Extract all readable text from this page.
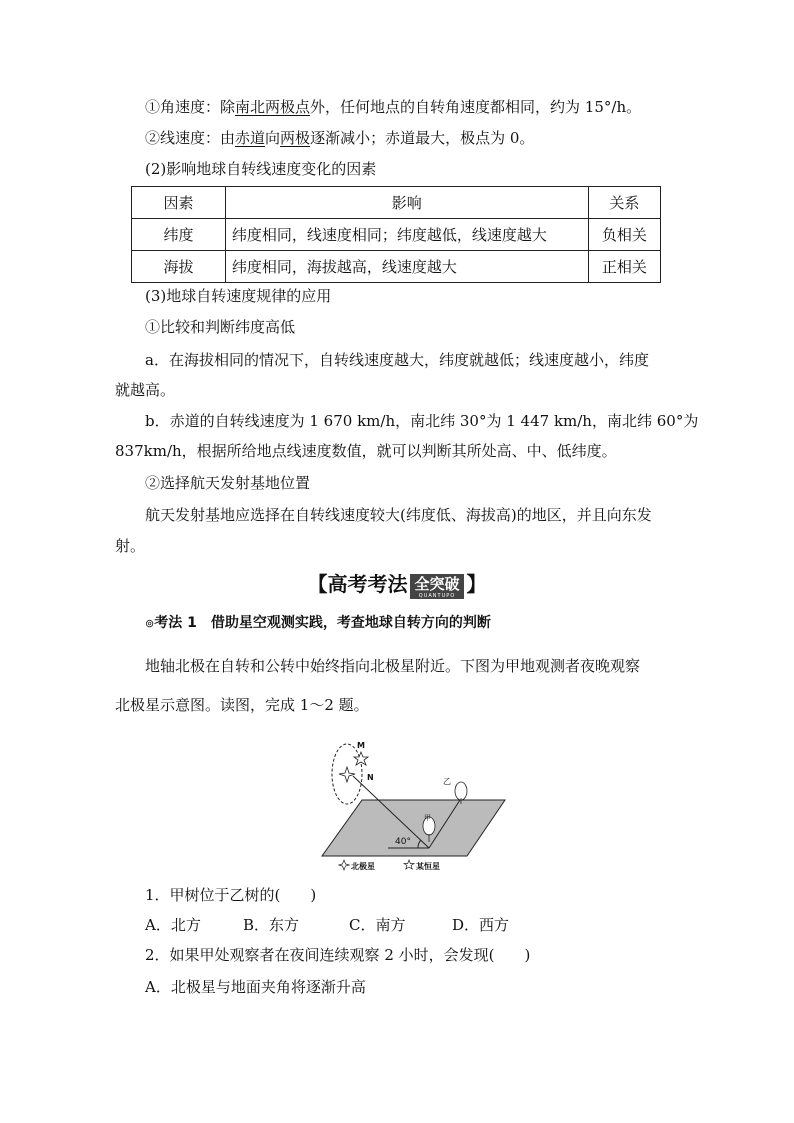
①角速度：除南北两极点外，任何地点的自转角速度都相同，约为 15°/h。
②线速度：由赤道向两极逐渐减小；赤道最大，极点为 0。
(2)影响地球自转线速度变化的因素
因素	影响	关系
纬度	纬度相同，线速度相同；纬度越低，线速度越大	负相关
海拔	纬度相同，海拔越高，线速度越大	正相关
(3)地球自转速度规律的应用
①比较和判断纬度高低
a．在海拔相同的情况下，自转线速度越大，纬度就越低；线速度越小，纬度
就越高。
b．赤道的自转线速度为 1 670 km/h，南北纬 30°为 1 447 km/h，南北纬 60°为
837km/h，根据所给地点线速度数值，就可以判断其所处高、中、低纬度。
②选择航天发射基地位置
航天发射基地应选择在自转线速度较大(纬度低、海拔高)的地区，并且向东发
射。
【高考考法 全突破
QUANTUPO 】
⊚考法 1　借助星空观测实践，考查地球自转方向的判断
地轴北极在自转和公转中始终指向北极星附近。下图为甲地观测者夜晚观察
北极星示意图。读图，完成 1～2 题。
40°
M
N	乙
甲
北极星	某恒星
1．甲树位于乙树的(　　)
A．北方	B．东方	C．南方	D．西方
2．如果甲处观察者在夜间连续观察 2 小时，会发现(　　)
A．北极星与地面夹角将逐渐升高
